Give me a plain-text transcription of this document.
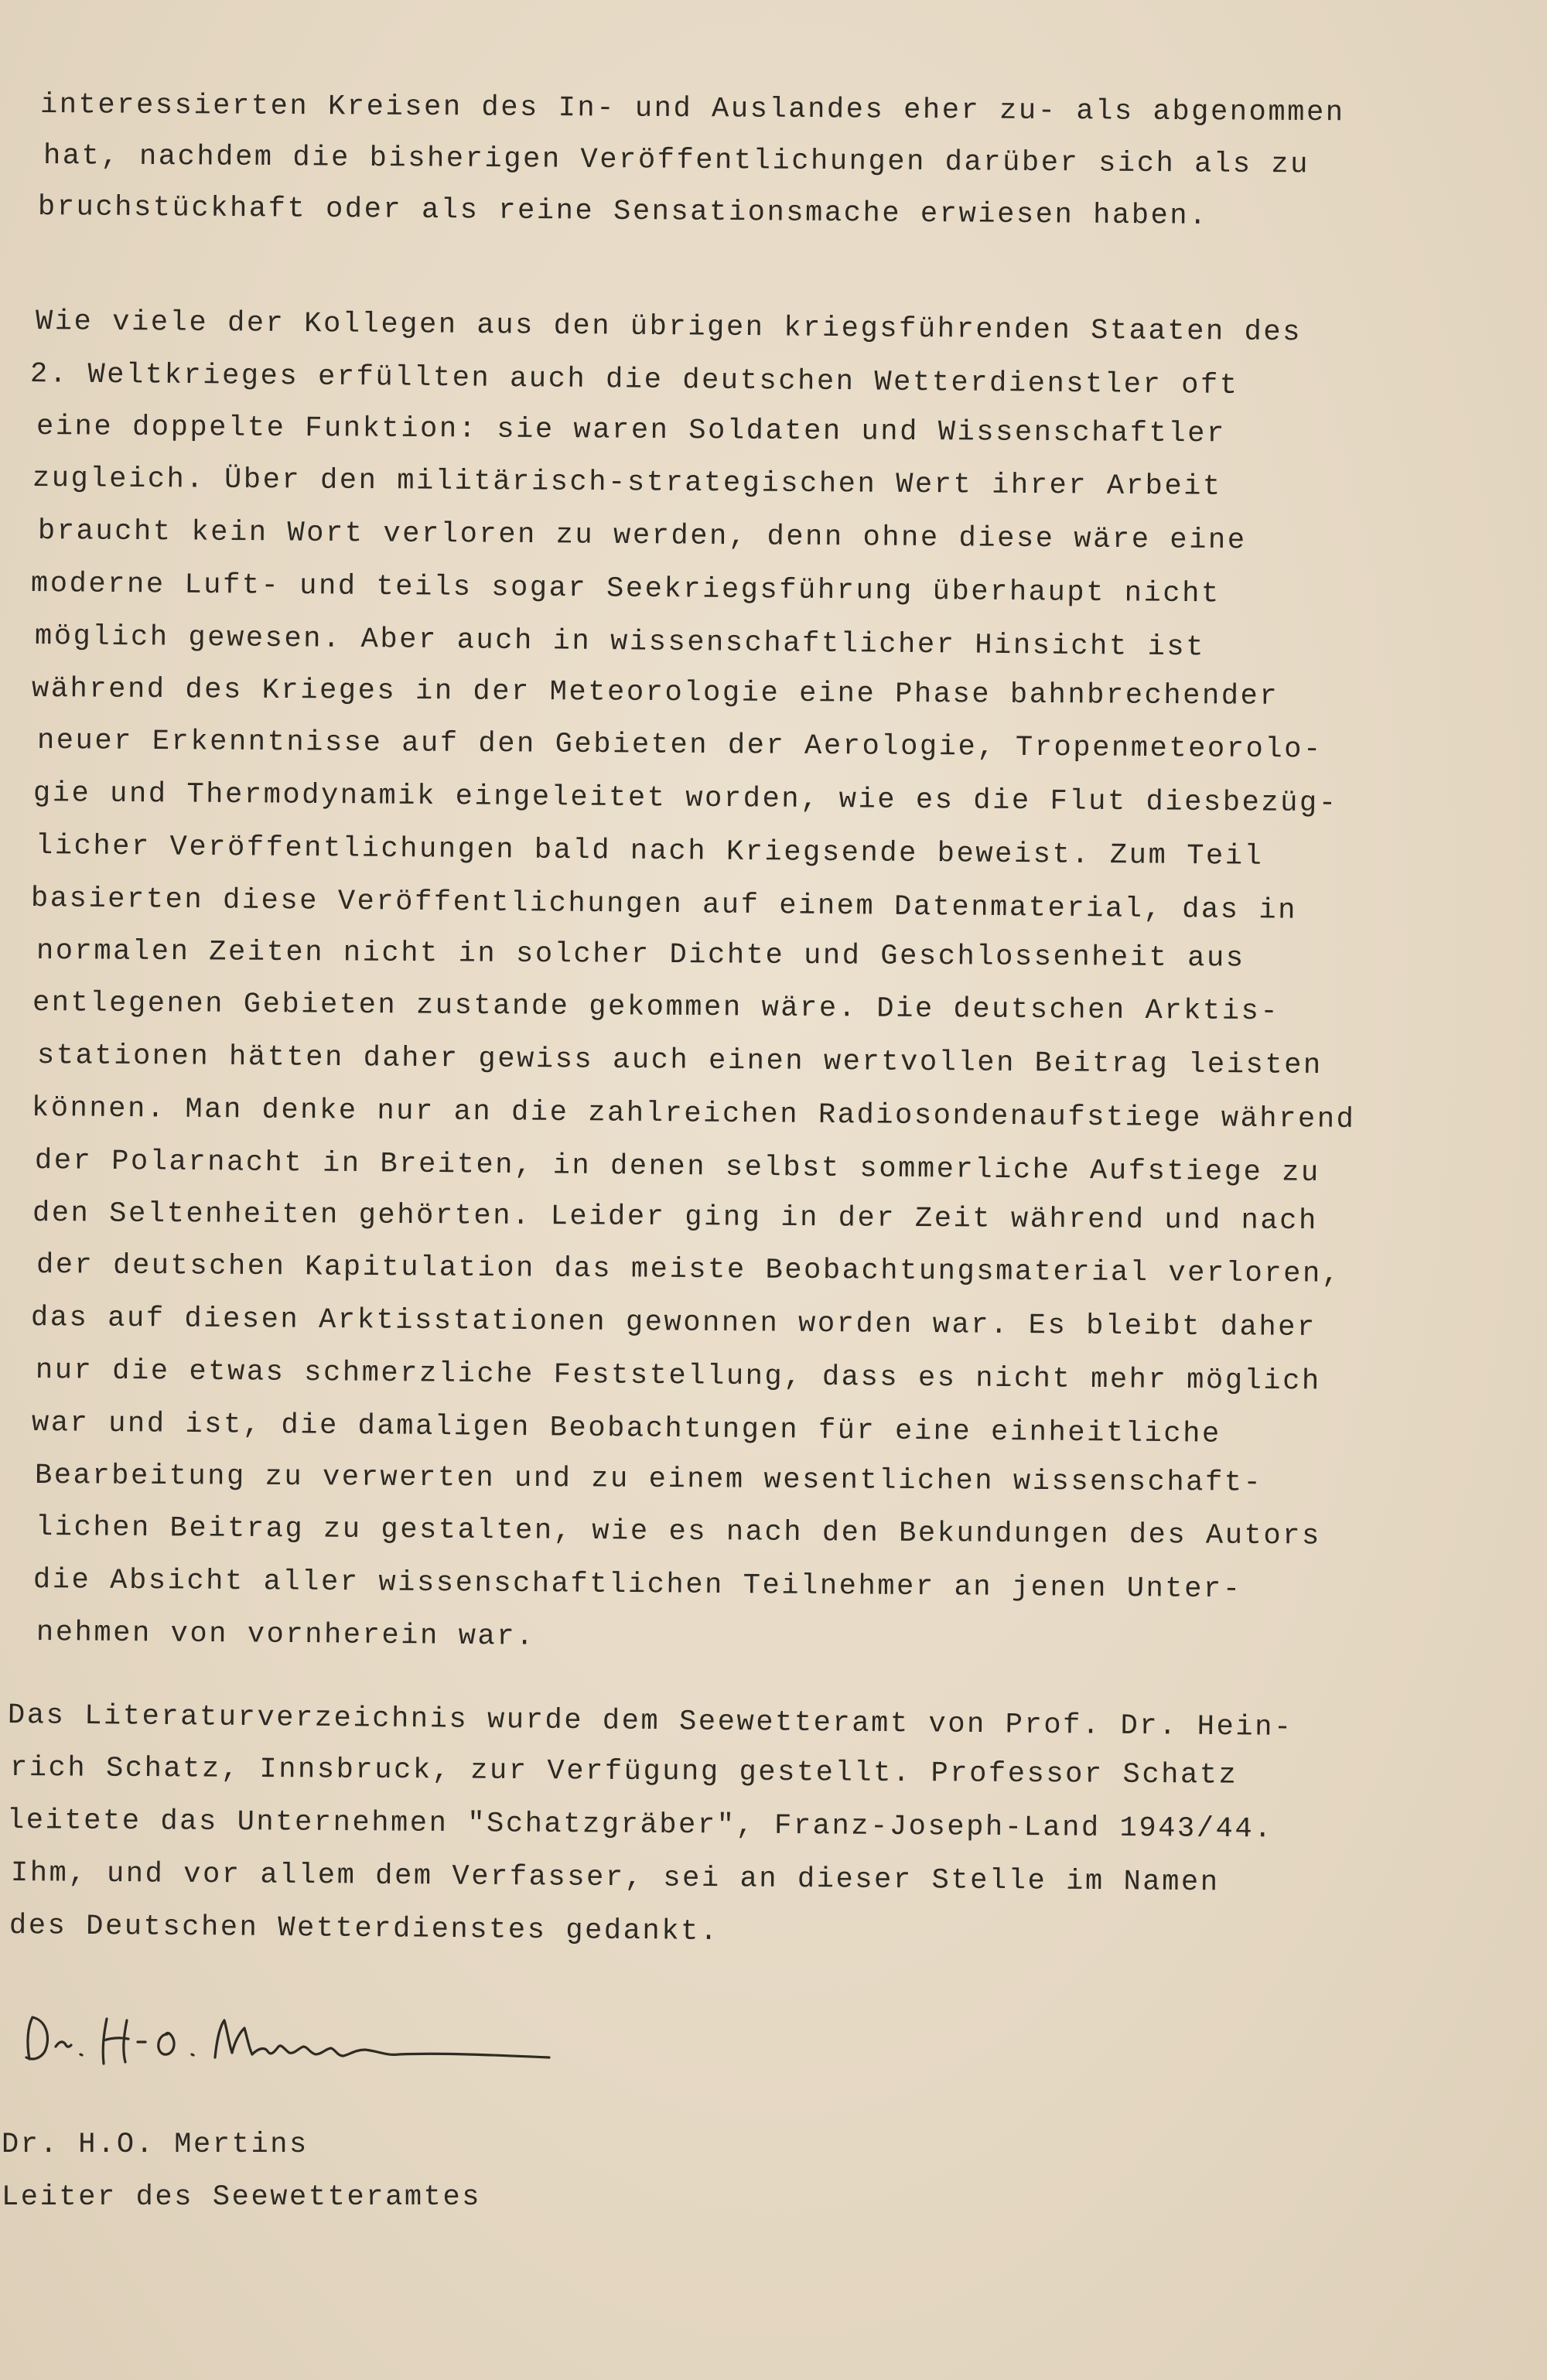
interessierten Kreisen des In- und Auslandes eher zu- als abgenommen
hat, nachdem die bisherigen Veröffentlichungen darüber sich als zu
bruchstückhaft oder als reine Sensationsmache erwiesen haben.
Wie viele der Kollegen aus den übrigen kriegsführenden Staaten des
2. Weltkrieges erfüllten auch die deutschen Wetterdienstler oft
eine doppelte Funktion: sie waren Soldaten und Wissenschaftler
zugleich. Über den militärisch-strategischen Wert ihrer Arbeit
braucht kein Wort verloren zu werden, denn ohne diese wäre eine
moderne Luft- und teils sogar Seekriegsführung überhaupt nicht
möglich gewesen. Aber auch in wissenschaftlicher Hinsicht ist
während des Krieges in der Meteorologie eine Phase bahnbrechender
neuer Erkenntnisse auf den Gebieten der Aerologie, Tropenmeteorolo-
gie und Thermodynamik eingeleitet worden, wie es die Flut diesbezüg-
licher Veröffentlichungen bald nach Kriegsende beweist. Zum Teil
basierten diese Veröffentlichungen auf einem Datenmaterial, das in
normalen Zeiten nicht in solcher Dichte und Geschlossenheit aus
entlegenen Gebieten zustande gekommen wäre. Die deutschen Arktis-
stationen hätten daher gewiss auch einen wertvollen Beitrag leisten
können. Man denke nur an die zahlreichen Radiosondenaufstiege während
der Polarnacht in Breiten, in denen selbst sommerliche Aufstiege zu
den Seltenheiten gehörten. Leider ging in der Zeit während und nach
der deutschen Kapitulation das meiste Beobachtungsmaterial verloren,
das auf diesen Arktisstationen gewonnen worden war. Es bleibt daher
nur die etwas schmerzliche Feststellung, dass es nicht mehr möglich
war und ist, die damaligen Beobachtungen für eine einheitliche
Bearbeitung zu verwerten und zu einem wesentlichen wissenschaft-
lichen Beitrag zu gestalten, wie es nach den Bekundungen des Autors
die Absicht aller wissenschaftlichen Teilnehmer an jenen Unter-
nehmen von vornherein war.
Das Literaturverzeichnis wurde dem Seewetteramt von Prof. Dr. Hein-
rich Schatz, Innsbruck, zur Verfügung gestellt. Professor Schatz
leitete das Unternehmen "Schatzgräber", Franz-Joseph-Land 1943/44.
Ihm, und vor allem dem Verfasser, sei an dieser Stelle im Namen
des Deutschen Wetterdienstes gedankt.
Dr. H.O. Mertins
Leiter des Seewetteramtes
